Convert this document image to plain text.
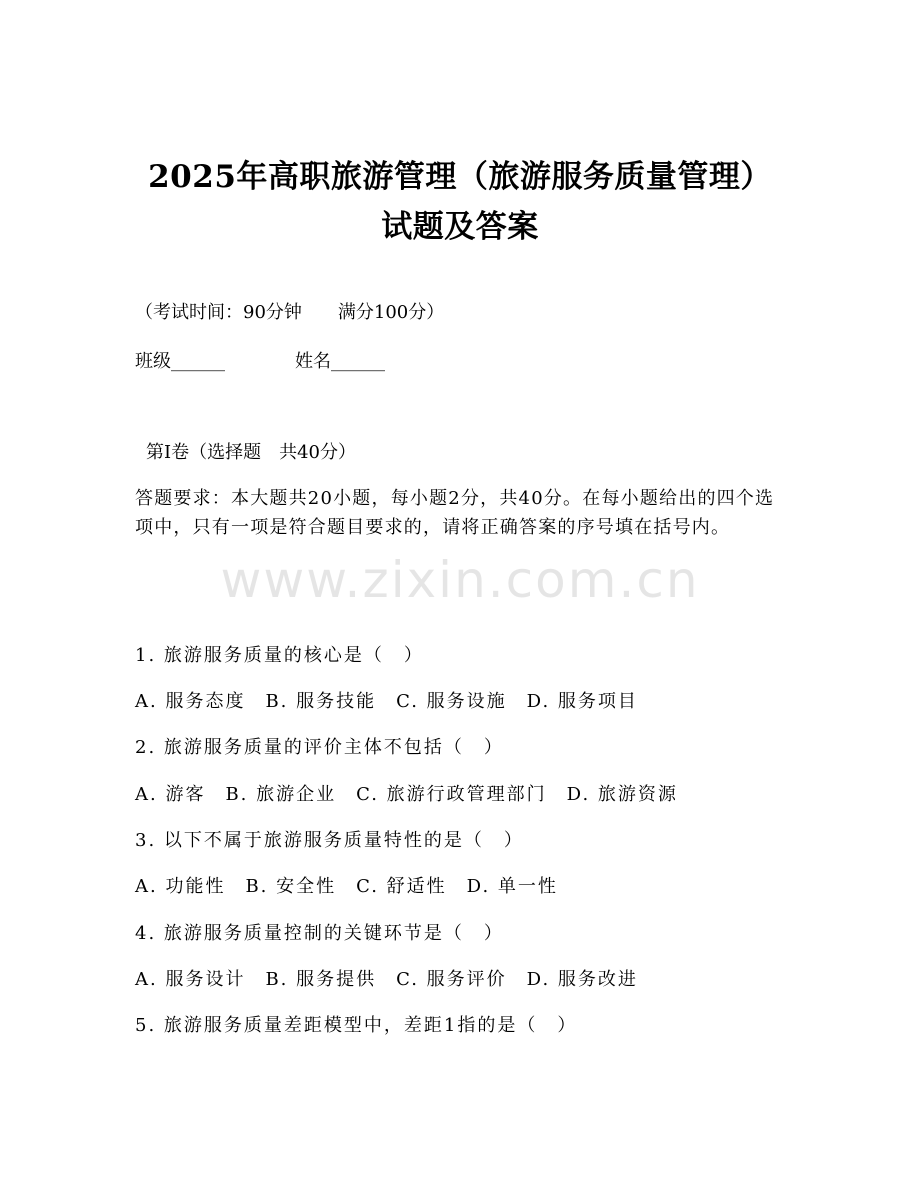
2025年高职旅游管理（旅游服务质量管理）
试题及答案
（考试时间：90分钟　　满分100分）
班级______	姓名______
第I卷（选择题　共40分）
答题要求：本大题共20小题，每小题2分，共40分。在每小题给出的四个选项中，只有一项是符合题目要求的，请将正确答案的序号填在括号内。
www.zixin.com.cn
1. 旅游服务质量的核心是（　）
A. 服务态度　B. 服务技能　C. 服务设施　D. 服务项目
2. 旅游服务质量的评价主体不包括（　）
A. 游客　B. 旅游企业　C. 旅游行政管理部门　D. 旅游资源
3. 以下不属于旅游服务质量特性的是（　）
A. 功能性　B. 安全性　C. 舒适性　D. 单一性
4. 旅游服务质量控制的关键环节是（　）
A. 服务设计　B. 服务提供　C. 服务评价　D. 服务改进
5. 旅游服务质量差距模型中，差距1指的是（　）
